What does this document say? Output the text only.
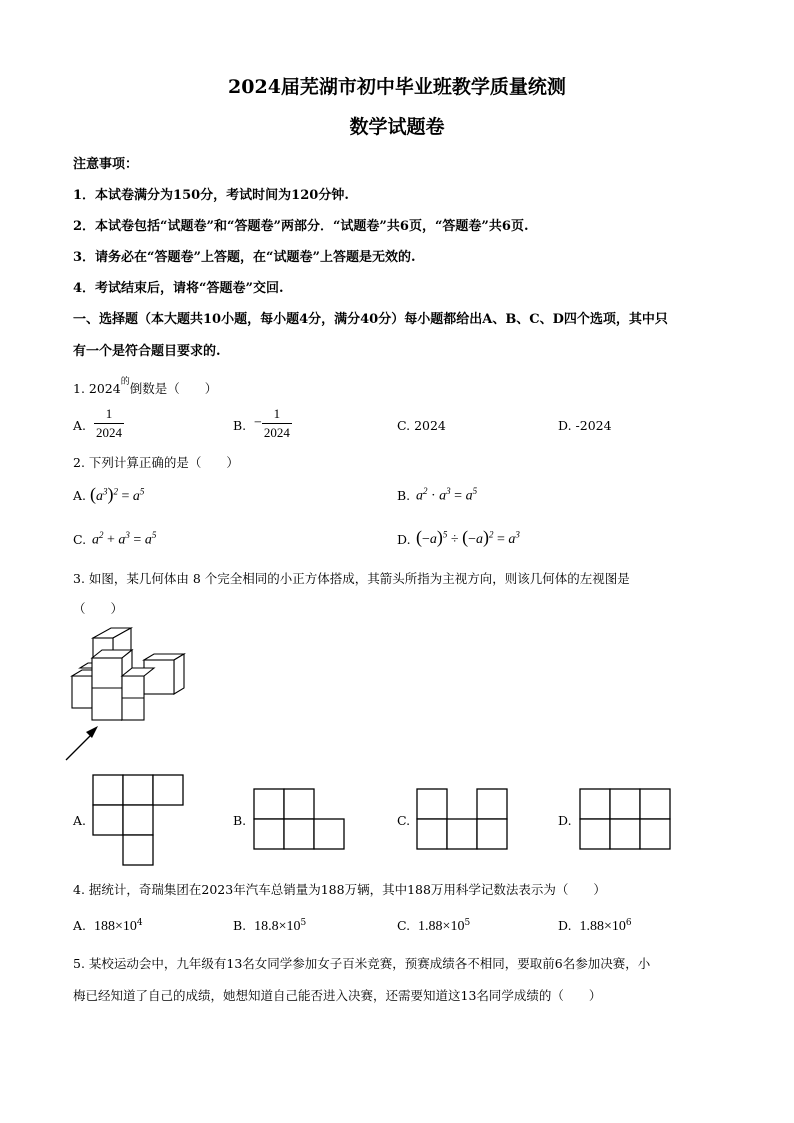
2024届芜湖市初中毕业班教学质量统测
数学试题卷
注意事项：
1．本试卷满分为150分，考试时间为120分钟.
2．本试卷包括“试题卷”和“答题卷”两部分．“试题卷”共6页，“答题卷”共6页.
3．请务必在“答题卷”上答题，在“试题卷”上答题是无效的.
4．考试结束后，请将“答题卷”交回.
一、选择题（本大题共10小题，每小题4分，满分40分）每小题都给出A、B、C、D四个选项，其中只
有一个是符合题目要求的.
1. $2024^的$倒数是（　　）
A. $\frac{1}{2024}$	B. − $\frac{1}{2024}$	C. 2024	D. -2024
2. 下列计算正确的是（　　）
A. $(a^3)^2 = a^5$	B. $a^2 \cdot a^3 = a^5$
C. $a^2 + a^3 = a^5$	D. $(-a)^5 \div (-a)^2 = a^3$
3. 如图，某几何体由 8 个完全相同的小正方体搭成，其箭头所指为主视方向，则该几何体的左视图是
（　　）
A.	B.	C.	D.
4. 据统计，奇瑞集团在2023年汽车总销量为188万辆，其中188万用科学记数法表示为（　　）
A. $188\times 10^4$	B. $18.8\times 10^5$	C. $1.88\times 10^5$	D. $1.88\times 10^6$
5. 某校运动会中，九年级有13名女同学参加女子百米竞赛，预赛成绩各不相同，要取前6名参加决赛，小
梅已经知道了自己的成绩，她想知道自己能否进入决赛，还需要知道这13名同学成绩的（　　）
